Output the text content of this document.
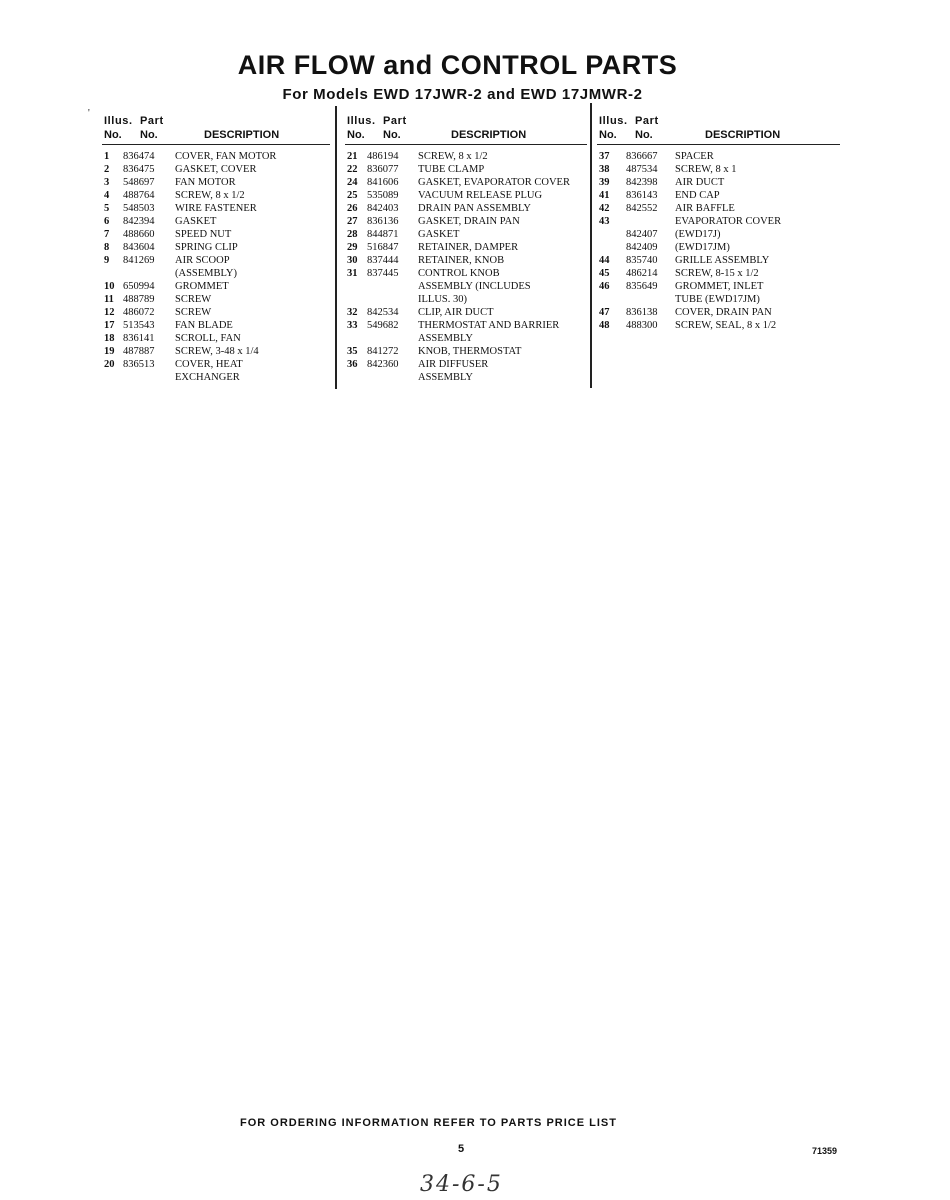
AIR FLOW and CONTROL PARTS
For Models EWD 17JWR-2 and EWD 17JMWR-2
'
Illus. Part
No. No.	DESCRIPTION
1 836474 COVER, FAN MOTOR
2 836475 GASKET, COVER
3 548697 FAN MOTOR
4 488764 SCREW, 8 x 1/2
5 548503 WIRE FASTENER
6 842394 GASKET
7 488660 SPEED NUT
8 843604 SPRING CLIP
9 841269 AIR SCOOP
(ASSEMBLY)
10 650994 GROMMET
11 488789 SCREW
12 486072 SCREW
17 513543 FAN BLADE
18 836141 SCROLL, FAN
19 487887 SCREW, 3-48 x 1/4
20 836513 COVER, HEAT
EXCHANGER
Illus. Part
No. No.	DESCRIPTION
21 486194 SCREW, 8 x 1/2
22 836077 TUBE CLAMP
24 841606 GASKET, EVAPORATOR COVER
25 535089 VACUUM RELEASE PLUG
26 842403 DRAIN PAN ASSEMBLY
27 836136 GASKET, DRAIN PAN
28 844871 GASKET
29 516847 RETAINER, DAMPER
30 837444 RETAINER, KNOB
31 837445 CONTROL KNOB
ASSEMBLY (INCLUDES
ILLUS. 30)
32 842534 CLIP, AIR DUCT
33 549682 THERMOSTAT AND BARRIER
ASSEMBLY
35 841272 KNOB, THERMOSTAT
36 842360 AIR DIFFUSER
ASSEMBLY
Illus. Part
No. No.	DESCRIPTION
37 836667 SPACER
38 487534 SCREW, 8 x 1
39 842398 AIR DUCT
41 836143 END CAP
42 842552 AIR BAFFLE
43	EVAPORATOR COVER
842407 (EWD17J)
842409 (EWD17JM)
44 835740 GRILLE ASSEMBLY
45 486214 SCREW, 8-15 x 1/2
46 835649 GROMMET, INLET
TUBE (EWD17JM)
47 836138 COVER, DRAIN PAN
48 488300 SCREW, SEAL, 8 x 1/2
FOR ORDERING INFORMATION REFER TO PARTS PRICE LIST
5	71359
34-6-5
